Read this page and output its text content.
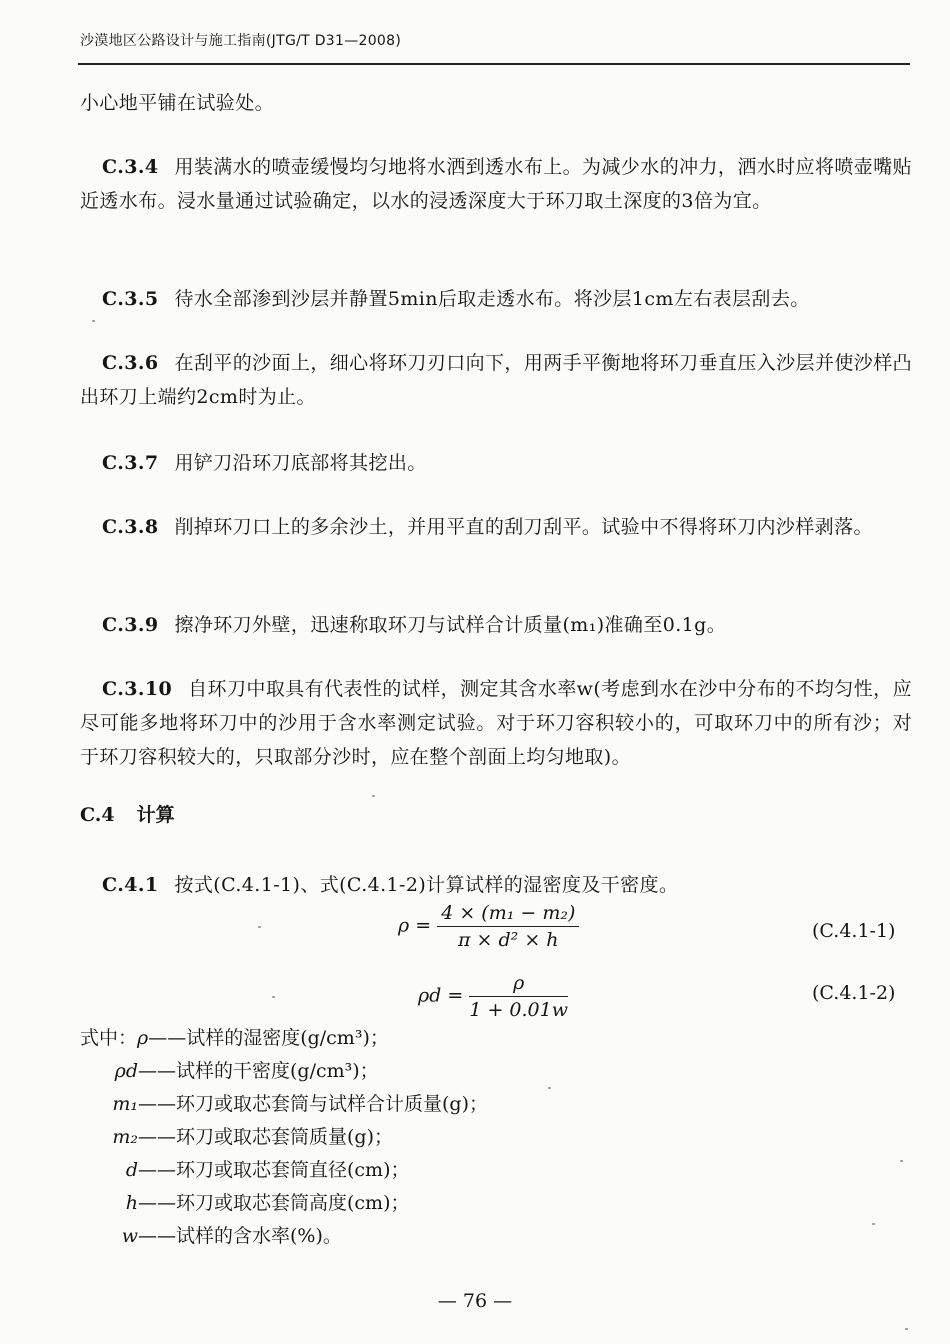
沙漠地区公路设计与施工指南(JTG/T D31—2008)
小心地平铺在试验处。
C.3.4 用装满水的喷壶缓慢均匀地将水洒到透水布上。为减少水的冲力，洒水时应将喷壶嘴贴近透水布。浸水量通过试验确定，以水的浸透深度大于环刀取土深度的3倍为宜。
C.3.5 待水全部渗到沙层并静置5min后取走透水布。将沙层1cm左右表层刮去。
C.3.6 在刮平的沙面上，细心将环刀刃口向下，用两手平衡地将环刀垂直压入沙层并使沙样凸出环刀上端约2cm时为止。
C.3.7 用铲刀沿环刀底部将其挖出。
C.3.8 削掉环刀口上的多余沙土，并用平直的刮刀刮平。试验中不得将环刀内沙样剥落。
C.3.9 擦净环刀外壁，迅速称取环刀与试样合计质量(m₁)准确至0.1g。
C.3.10 自环刀中取具有代表性的试样，测定其含水率w(考虑到水在沙中分布的不均匀性，应尽可能多地将环刀中的沙用于含水率测定试验。对于环刀容积较小的，可取环刀中的所有沙；对于环刀容积较大的，只取部分沙时，应在整个剖面上均匀地取)。
C.4 计算
C.4.1 按式(C.4.1-1)、式(C.4.1-2)计算试样的湿密度及干密度。
$\rho = \frac{\text{4 × (m₁ − m₂)}}{\text{π × d² × h}}$	(C.4.1-1)
$\rho d = \frac{\rho}{1 + 0.01w}$	(C.4.1-2)
式中：ρ——试样的湿密度(g/cm³)；
ρd——试样的干密度(g/cm³)；
m₁——环刀或取芯套筒与试样合计质量(g)；
m₂——环刀或取芯套筒质量(g)；
d——环刀或取芯套筒直径(cm)；
h——环刀或取芯套筒高度(cm)；
w——试样的含水率(%)。
— 76 —
